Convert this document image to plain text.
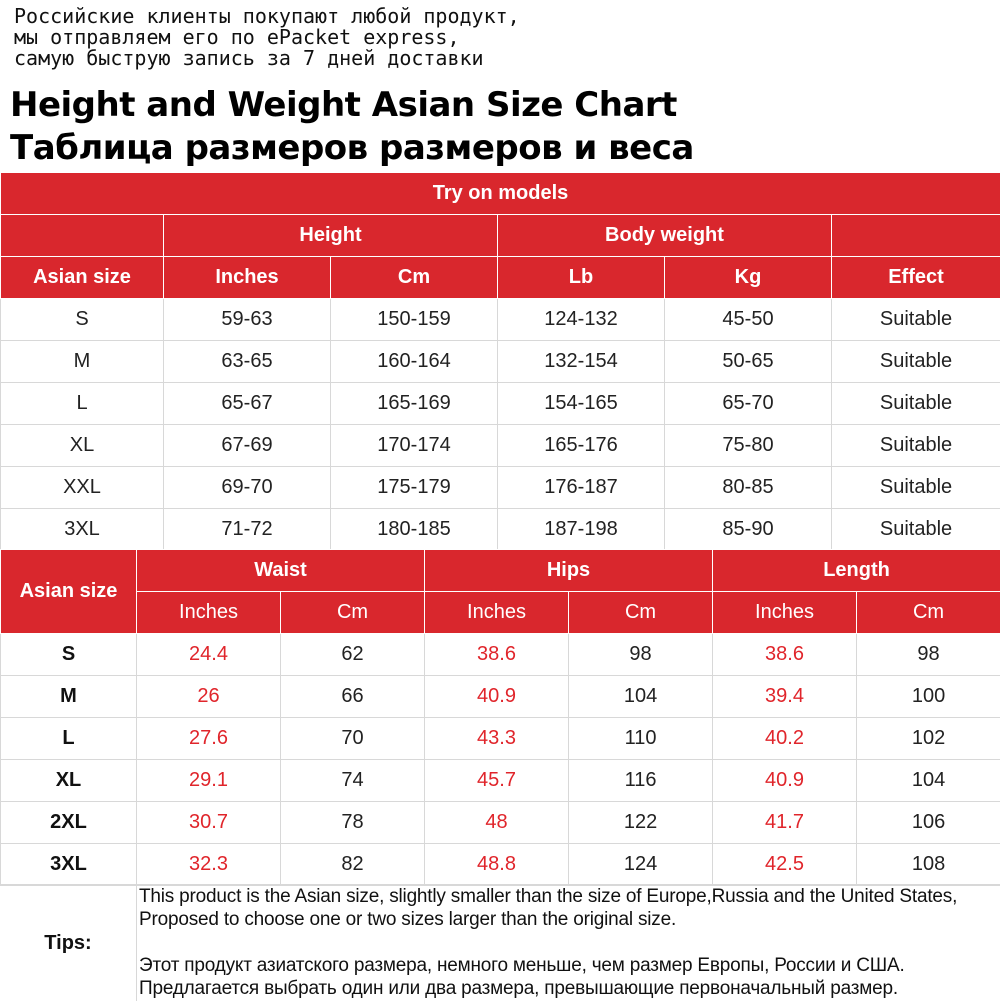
Российские клиенты покупают любой продукт,
мы отправляем его по ePacket express,
самую быструю запись за 7 дней доставки
Height and Weight Asian Size Chart
Таблица размеров размеров и веса
Try on models					
	Height		Body weight		
Asian size	Inches	Cm	Lb	Kg	Effect
S	59-63	150-159	124-132	45-50	Suitable
M	63-65	160-164	132-154	50-65	Suitable
L	65-67	165-169	154-165	65-70	Suitable
XL	67-69	170-174	165-176	75-80	Suitable
XXL	69-70	175-179	176-187	80-85	Suitable
3XL	71-72	180-185	187-198	85-90	Suitable
Asian size	Waist		Hips		Length	
	Inches	Cm	Inches	Cm	Inches	Cm
S	24.4	62	38.6	98	38.6	98
M	26	66	40.9	104	39.4	100
L	27.6	70	43.3	110	40.2	102
XL	29.1	74	45.7	116	40.9	104
2XL	30.7	78	48	122	41.7	106
3XL	32.3	82	48.8	124	42.5	108
Tips:

This product is the Asian size, slightly smaller than the size of Europe,Russia and the United States, Proposed to choose one or two sizes larger than the original size.

Этот продукт азиатского размера, немного меньше, чем размер Европы, России и США. Предлагается выбрать один или два размера, превышающие первоначальный размер.
